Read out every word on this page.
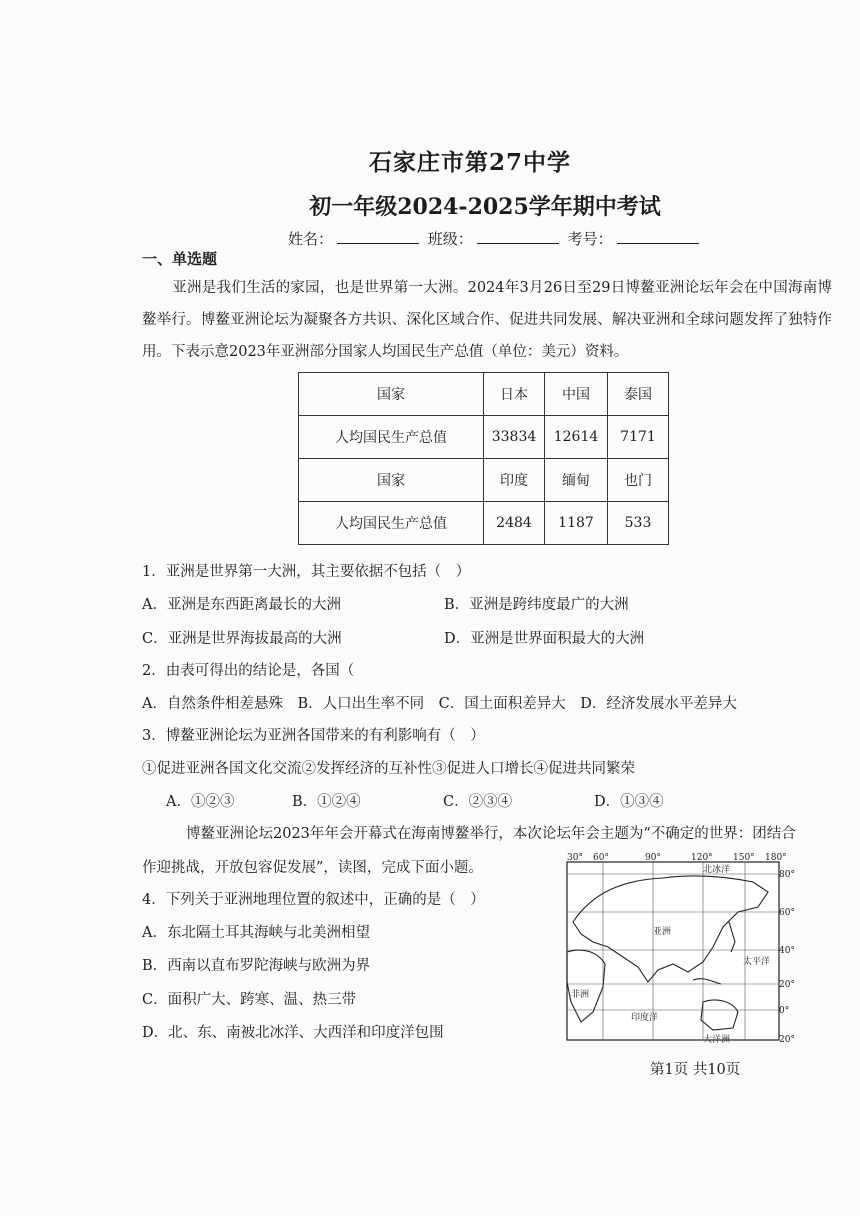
石家庄市第27中学
初一年级2024-2025学年期中考试
姓名：	班级：	考号：
一、单选题
亚洲是我们生活的家园，也是世界第一大洲。2024年3月26日至29日博鳌亚洲论坛年会在中国海南博鳌举行。博鳌亚洲论坛为凝聚各方共识、深化区域合作、促进共同发展、解决亚洲和全球问题发挥了独特作用。下表示意2023年亚洲部分国家人均国民生产总值（单位：美元）资料。
国家	日本	中国	泰国
人均国民生产总值	33834	12614	7171
国家	印度	缅甸	也门
人均国民生产总值	2484	1187	533
1．亚洲是世界第一大洲，其主要依据不包括（　）
A．亚洲是东西距离最长的大洲	B．亚洲是跨纬度最广的大洲
C．亚洲是世界海拔最高的大洲	D．亚洲是世界面积最大的大洲
2．由表可得出的结论是，各国（
A．自然条件相差悬殊　B．人口出生率不同　C．国土面积差异大　D．经济发展水平差异大
3．博鳌亚洲论坛为亚洲各国带来的有利影响有（　）
①促进亚洲各国文化交流②发挥经济的互补性③促进人口增长④促进共同繁荣
A．①②③	B．①②④	C．②③④	D．①③④
博鳌亚洲论坛2023年年会开幕式在海南博鳌举行，本次论坛年会主题为“不确定的世界：团结合
作迎挑战，开放包容促发展”，读图，完成下面小题。
4．下列关于亚洲地理位置的叙述中，正确的是（　）
A．东北隔土耳其海峡与北美洲相望
B．西南以直布罗陀海峡与欧洲为界
C．面积广大、跨寒、温、热三带
D．北、东、南被北冰洋、大西洋和印度洋包围
30° 60°	90°	120° 150° 180°
80°
60°
40°
20°
0°
20°
北冰洋
亚洲
太平洋
非洲
印度洋
大洋洲
第1页 共10页
